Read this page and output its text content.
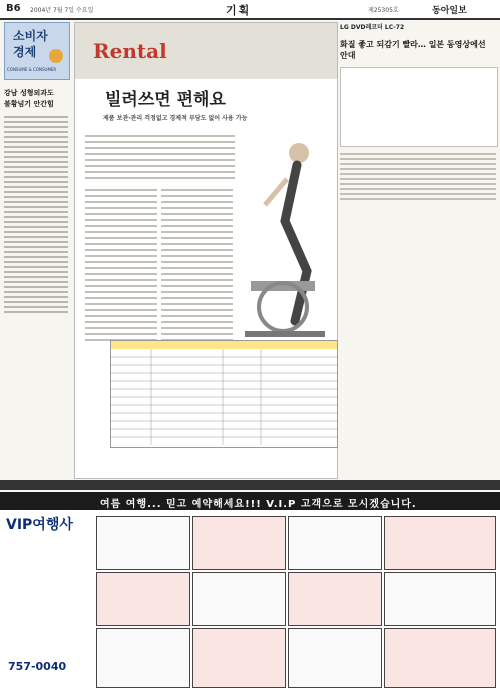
B6 2004년 7월 7일 수요일	기획	제25305호	동아일보
소비자
경제
CONSUME & CONSUMER
강남 성형외과도
불황넘기 안간힘
Rental
빌려쓰면 편해요
제품 보관·관리 걱정없고 경제적 부담도 없어 사용 가능
LG DVD레코더 LC-72
화질 좋고 되감기 빨라… 일본 동영상에선 안대
여름 여행... 믿고 예약해세요!!! V.I.P 고객으로 모시겠습니다.
VIP여행사
757-0040
